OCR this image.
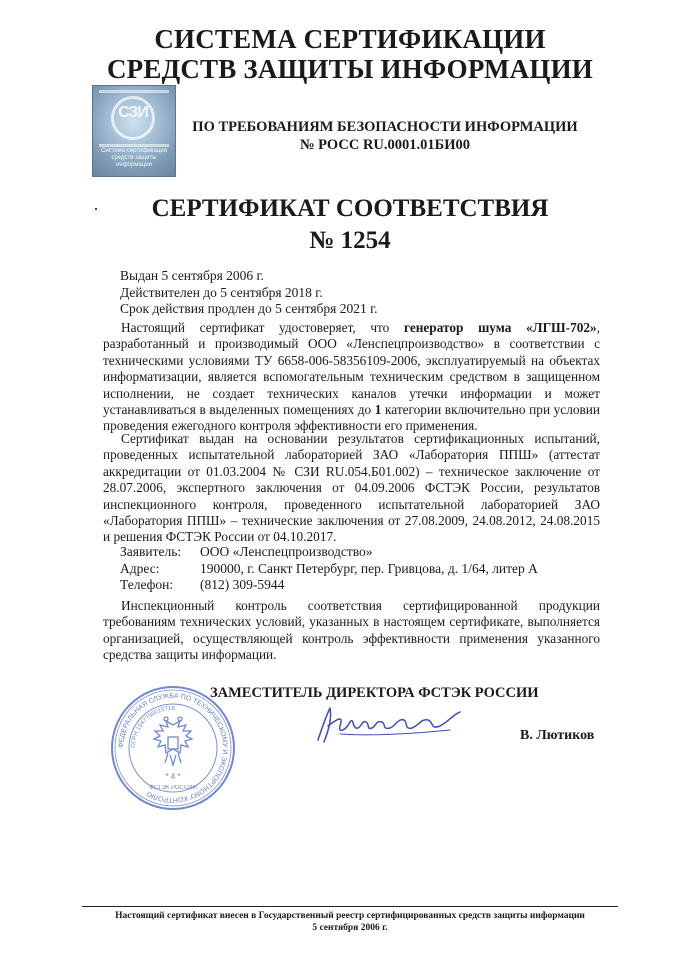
СИСТЕМА СЕРТИФИКАЦИИ
СРЕДСТВ ЗАЩИТЫ ИНФОРМАЦИИ
СЗИ
Система сертификации средств защиты информации
ПО ТРЕБОВАНИЯМ БЕЗОПАСНОСТИ ИНФОРМАЦИИ
№ РОСС RU.0001.01БИ00
СЕРТИФИКАТ СООТВЕТСТВИЯ
№ 1254
Выдан 5 сентября 2006 г.
Действителен до 5 сентября 2018 г.
Срок действия продлен до 5 сентября 2021 г.
Настоящий сертификат удостоверяет, что генератор шума «ЛГШ-702», разработанный и производимый ООО «Ленспецпроизводство» в соответствии с техническими условиями ТУ 6658-006-58356109-2006, эксплуатируемый на объектах информатизации, является вспомогательным техническим средством в защищенном исполнении, не создает технических каналов утечки информации и может устанавливаться в выделенных помещениях до 1 категории включительно при условии проведения ежегодного контроля эффективности его применения.
Сертификат выдан на основании результатов сертификационных испытаний, проведенных испытательной лабораторией ЗАО «Лаборатория ППШ» (аттестат аккредитации от 01.03.2004 № СЗИ RU.054.Б01.002) – техническое заключение от 28.07.2006, экспертного заключения от 04.09.2006 ФСТЭК России, результатов инспекционного контроля, проведенного испытательной лабораторией ЗАО «Лаборатория ППШ» – технические заключения от 27.08.2009, 24.08.2012, 24.08.2015 и решения ФСТЭК России от 04.10.2017.
Заявитель:	ООО «Ленспецпроизводство»
Адрес:	190000, г. Санкт Петербург, пер. Гривцова, д. 1/64, литер А
Телефон:	(812) 309-5944
Инспекционный контроль соответствия сертифицированной продукции требованиям технических условий, указанных в настоящем сертификате, выполняется организацией, осуществляющей контроль эффективности применения указанного средства защиты информации.
ФЕДЕРАЛЬНАЯ СЛУЖБА ПО ТЕХНИЧЕСКОМУ И ЭКСПОРТНОМУ КОНТРОЛЮ
ОГРН 1047796015718
* 4 *
ФСТЭК РОССИИ
ЗАМЕСТИТЕЛЬ ДИРЕКТОРА ФСТЭК РОССИИ
В. Лютиков
Настоящий сертификат внесен в Государственный реестр сертифицированных средств защиты информации
5 сентября 2006 г.
